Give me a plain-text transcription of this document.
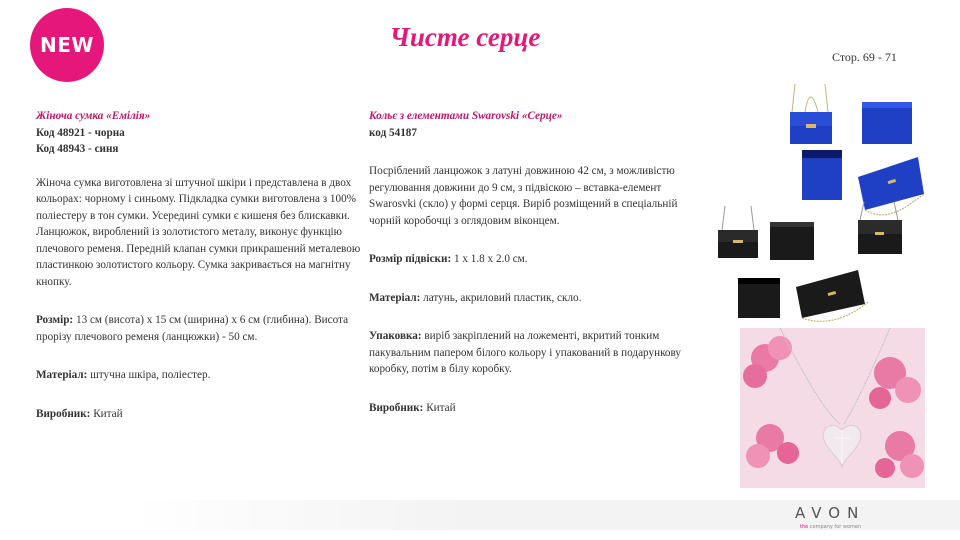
NEW	Чисте серце
Стор. 69 - 71

Жіноча сумка «Емілія»

Код 48921 - чорна

Код 48943 - синя

Жіноча сумка виготовлена зі штучної шкіри і представлена в двох кольорах: чорному і синьому. Підкладка сумки виготовлена з 100% поліестеру в тон сумки. Усередині сумки є кишеня без блискавки. Ланцюжок, вироблений із золотистого металу, виконує функцію плечового ременя. Передній клапан сумки прикрашений металевою пластинкою золотистого кольору. Сумка закривається на магнітну кнопку.

Розмір: 13 см (висота) х 15 см (ширина) х 6 см (глибина). Висота прорізу плечового ременя (ланцюжки) - 50 см.

Матеріал: штучна шкіра, поліестер.

Виробник: Китай

Кольє з елементами Swarovski «Серце»

код 54187

Посріблений ланцюжок з латуні довжиною 42 см, з можливістю регулювання довжини до 9 см, з підвіскою – вставка-елемент Swarosvki (скло) у формі серця. Виріб розміщений в спеціальній чорній коробочці з оглядовим віконцем.

Розмір підвіски: 1 х 1.8 х 2.0 см.

Матеріал: латунь, акриловий пластик, скло.

Упаковка: виріб закріплений на ложементі, вкритий тонким пакувальним папером білого кольору і упакований в подарункову коробку, потім в білу коробку.

Виробник: Китай

AVON
the company for women
